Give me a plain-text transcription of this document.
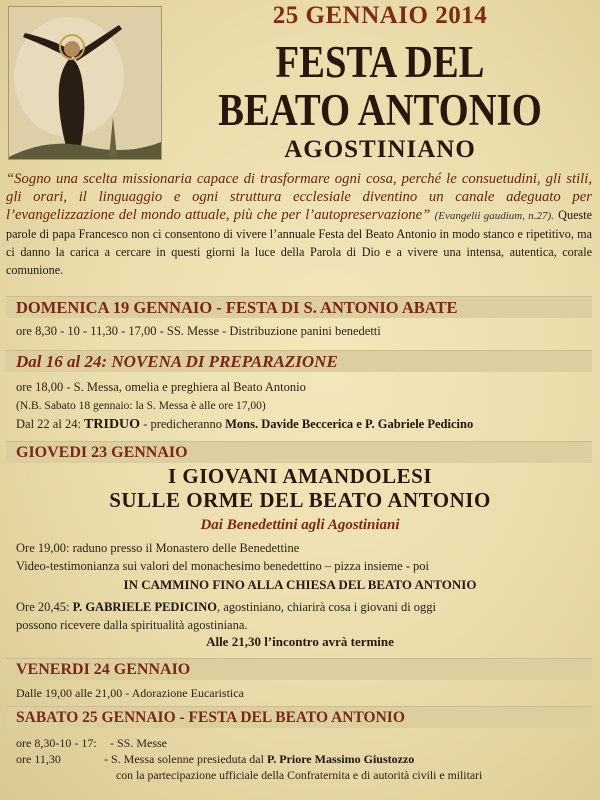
25 GENNAIO 2014
FESTA DEL
BEATO ANTONIO
AGOSTINIANO
“Sogno una scelta missionaria capace di trasformare ogni cosa, perché le consuetudini, gli stili, gli orari, il linguaggio e ogni struttura ecclesiale diventino un canale adeguato per l’evangelizzazione del mondo attuale, più che per l’autopreservazione” (Evangelii gaudium, n.27). Queste parole di papa Francesco non ci consentono di vivere l’annuale Festa del Beato Antonio in modo stanco e ripetitivo, ma ci danno la carica a cercare in questi giorni la luce della Parola di Dio e a vivere una intensa, autentica, corale comunione.
DOMENICA 19 GENNAIO - FESTA DI S. ANTONIO ABATE
ore 8,30 - 10 - 11,30 - 17,00 - SS. Messe - Distribuzione panini benedetti
Dal 16 al 24: NOVENA DI PREPARAZIONE
ore 18,00 - S. Messa, omelia e preghiera al Beato Antonio
(N.B. Sabato 18 gennaio: la S. Messa è alle ore 17,00)
Dal 22 al 24: TRIDUO - predicheranno Mons. Davide Beccerica e P. Gabriele Pedicino
GIOVEDI 23 GENNAIO
I GIOVANI AMANDOLESI
SULLE ORME DEL BEATO ANTONIO
Dai Benedettini agli Agostiniani
Ore 19,00: raduno presso il Monastero delle Benedettine
Video-testimonianza sui valori del monachesimo benedettino – pizza insieme - poi
IN CAMMINO FINO ALLA CHIESA DEL BEATO ANTONIO
Ore 20,45: P. GABRIELE PEDICINO, agostiniano, chiarirà cosa i giovani di oggi
possono ricevere dalla spiritualità agostiniana.
Alle 21,30 l’incontro avrà termine
VENERDI 24 GENNAIO
Dalle 19,00 alle 21,00 - Adorazione Eucaristica
SABATO 25 GENNAIO - FESTA DEL BEATO ANTONIO
ore 8,30-10 - 17: - SS. Messe
ore 11,30	- S. Messa solenne presieduta dal P. Priore Massimo Giustozzo
con la partecipazione ufficiale della Confraternita e di autorità civili e militari
